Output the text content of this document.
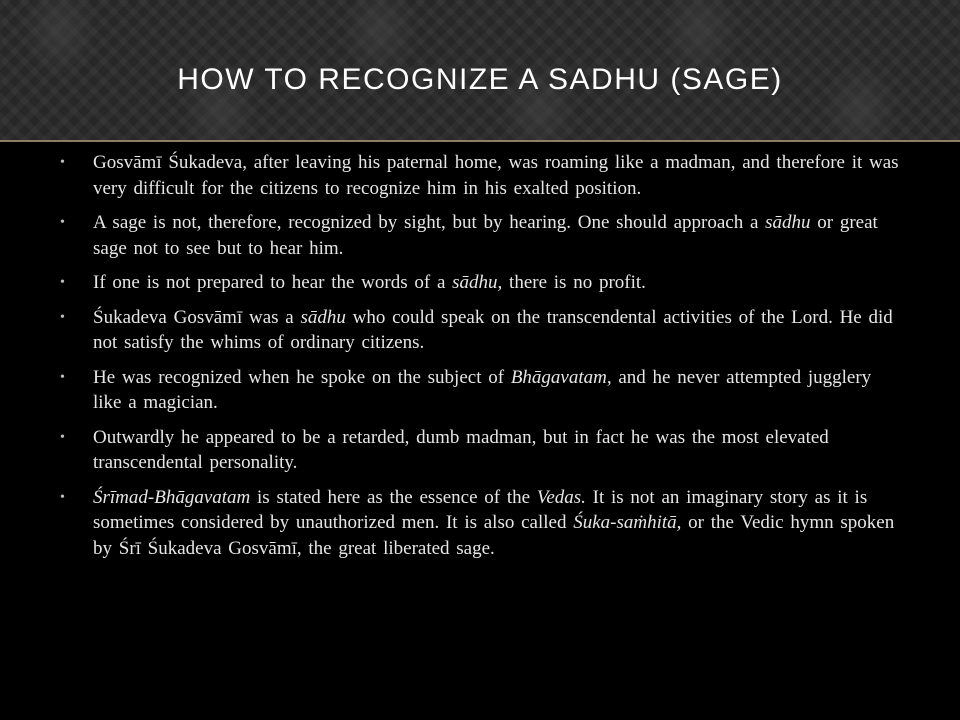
HOW TO RECOGNIZE A SADHU (SAGE)
• Gosvāmī Śukadeva, after leaving his paternal home, was roaming like a madman, and therefore it was very difficult for the citizens to recognize him in his exalted position.
• A sage is not, therefore, recognized by sight, but by hearing. One should approach a sādhu or great sage not to see but to hear him.
• If one is not prepared to hear the words of a sādhu, there is no profit.
• Śukadeva Gosvāmī was a sādhu who could speak on the transcendental activities of the Lord. He did not satisfy the whims of ordinary citizens.
• He was recognized when he spoke on the subject of Bhāgavatam, and he never attempted jugglery like a magician.
• Outwardly he appeared to be a retarded, dumb madman, but in fact he was the most elevated transcendental personality.
• Śrīmad-Bhāgavatam is stated here as the essence of the Vedas. It is not an imaginary story as it is sometimes considered by unauthorized men. It is also called Śuka-saṁhitā, or the Vedic hymn spoken by Śrī Śukadeva Gosvāmī, the great liberated sage.
